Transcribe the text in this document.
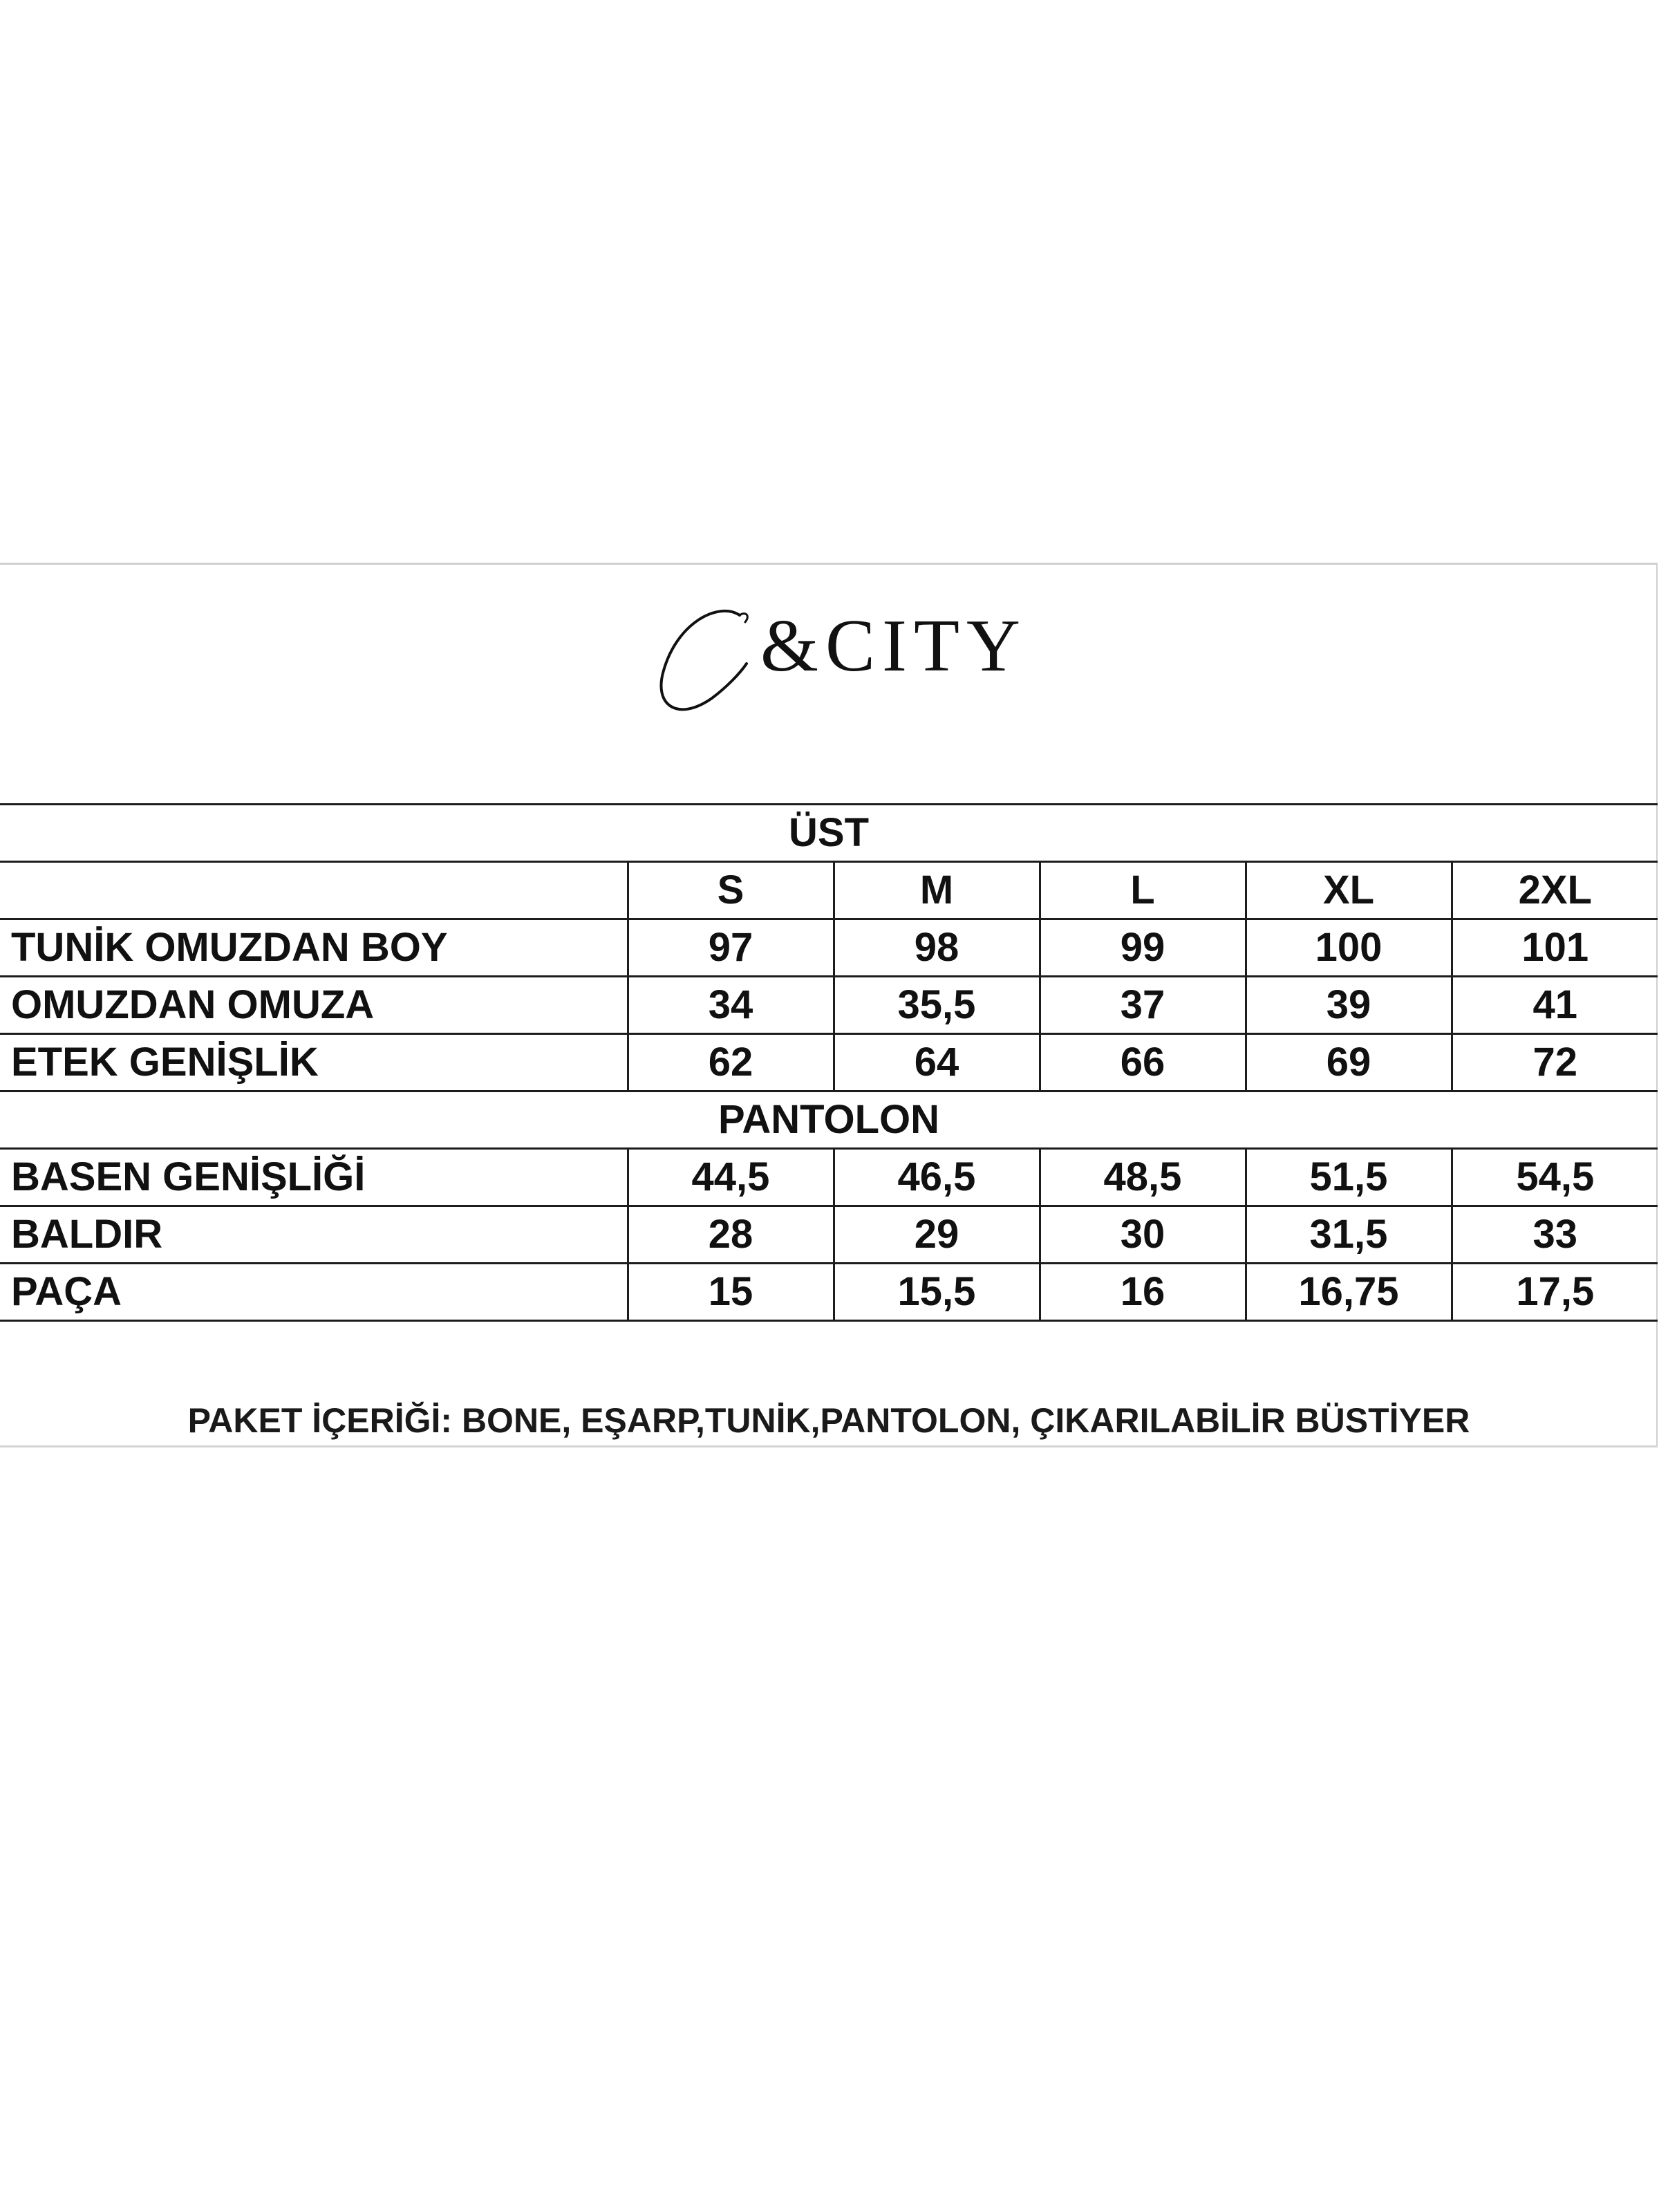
&CITY
ÜST					
	S	M	L	XL	2XL
TUNİK OMUZDAN BOY	97	98	99	100	101
OMUZDAN OMUZA	34	35,5	37	39	41
ETEK GENİŞLİK	62	64	66	69	72
PANTOLON					
BASEN GENİŞLİĞİ	44,5	46,5	48,5	51,5	54,5
BALDIR	28	29	30	31,5	33
PAÇA	15	15,5	16	16,75	17,5
PAKET İÇERİĞİ: BONE, EŞARP,TUNİK,PANTOLON, ÇIKARILABİLİR BÜSTİYER
